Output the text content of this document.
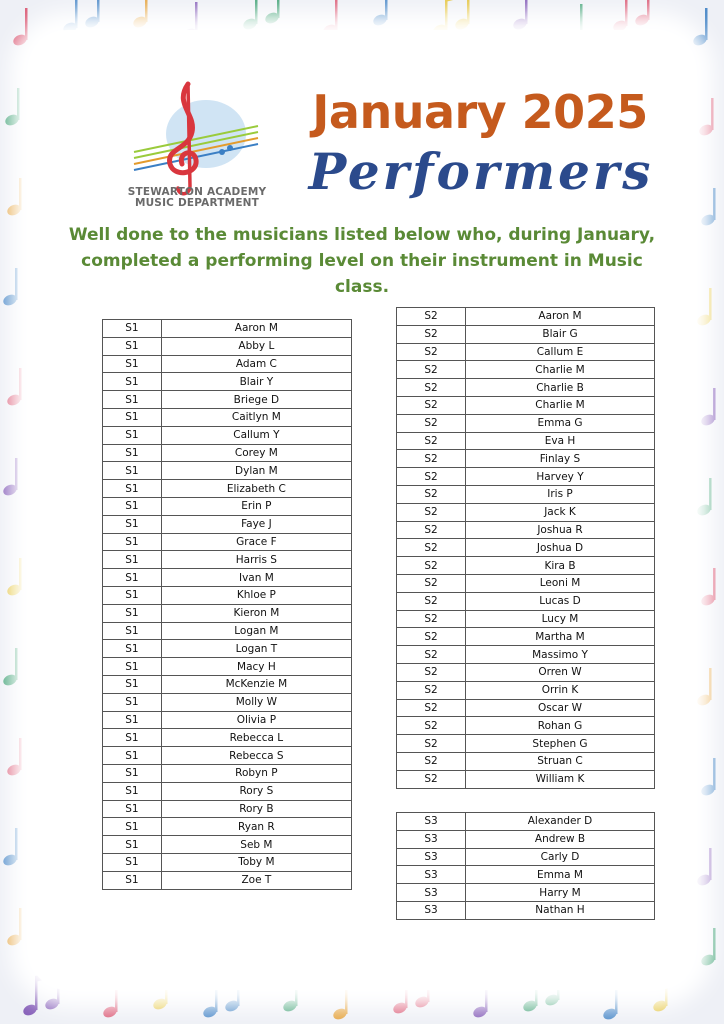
STEWARTON ACADEMY
MUSIC DEPARTMENT
January 2025
Performers
Well done to the musicians listed below who, during January,
completed a performing level on their instrument in Music class.
S1	Aaron M
S1	Abby L
S1	Adam C
S1	Blair Y
S1	Briege D
S1	Caitlyn M
S1	Callum Y
S1	Corey M
S1	Dylan M
S1	Elizabeth C
S1	Erin P
S1	Faye J
S1	Grace F
S1	Harris S
S1	Ivan M
S1	Khloe P
S1	Kieron M
S1	Logan M
S1	Logan T
S1	Macy H
S1	McKenzie M
S1	Molly W
S1	Olivia P
S1	Rebecca L
S1	Rebecca S
S1	Robyn P
S1	Rory S
S1	Rory B
S1	Ryan R
S1	Seb M
S1	Toby M
S1	Zoe T
S2	Aaron M
S2	Blair G
S2	Callum E
S2	Charlie M
S2	Charlie B
S2	Charlie M
S2	Emma G
S2	Eva H
S2	Finlay S
S2	Harvey Y
S2	Iris P
S2	Jack K
S2	Joshua R
S2	Joshua D
S2	Kira B
S2	Leoni M
S2	Lucas D
S2	Lucy M
S2	Martha M
S2	Massimo Y
S2	Orren W
S2	Orrin K
S2	Oscar W
S2	Rohan G
S2	Stephen G
S2	Struan C
S2	William K
S3	Alexander D
S3	Andrew B
S3	Carly D
S3	Emma M
S3	Harry M
S3	Nathan H
